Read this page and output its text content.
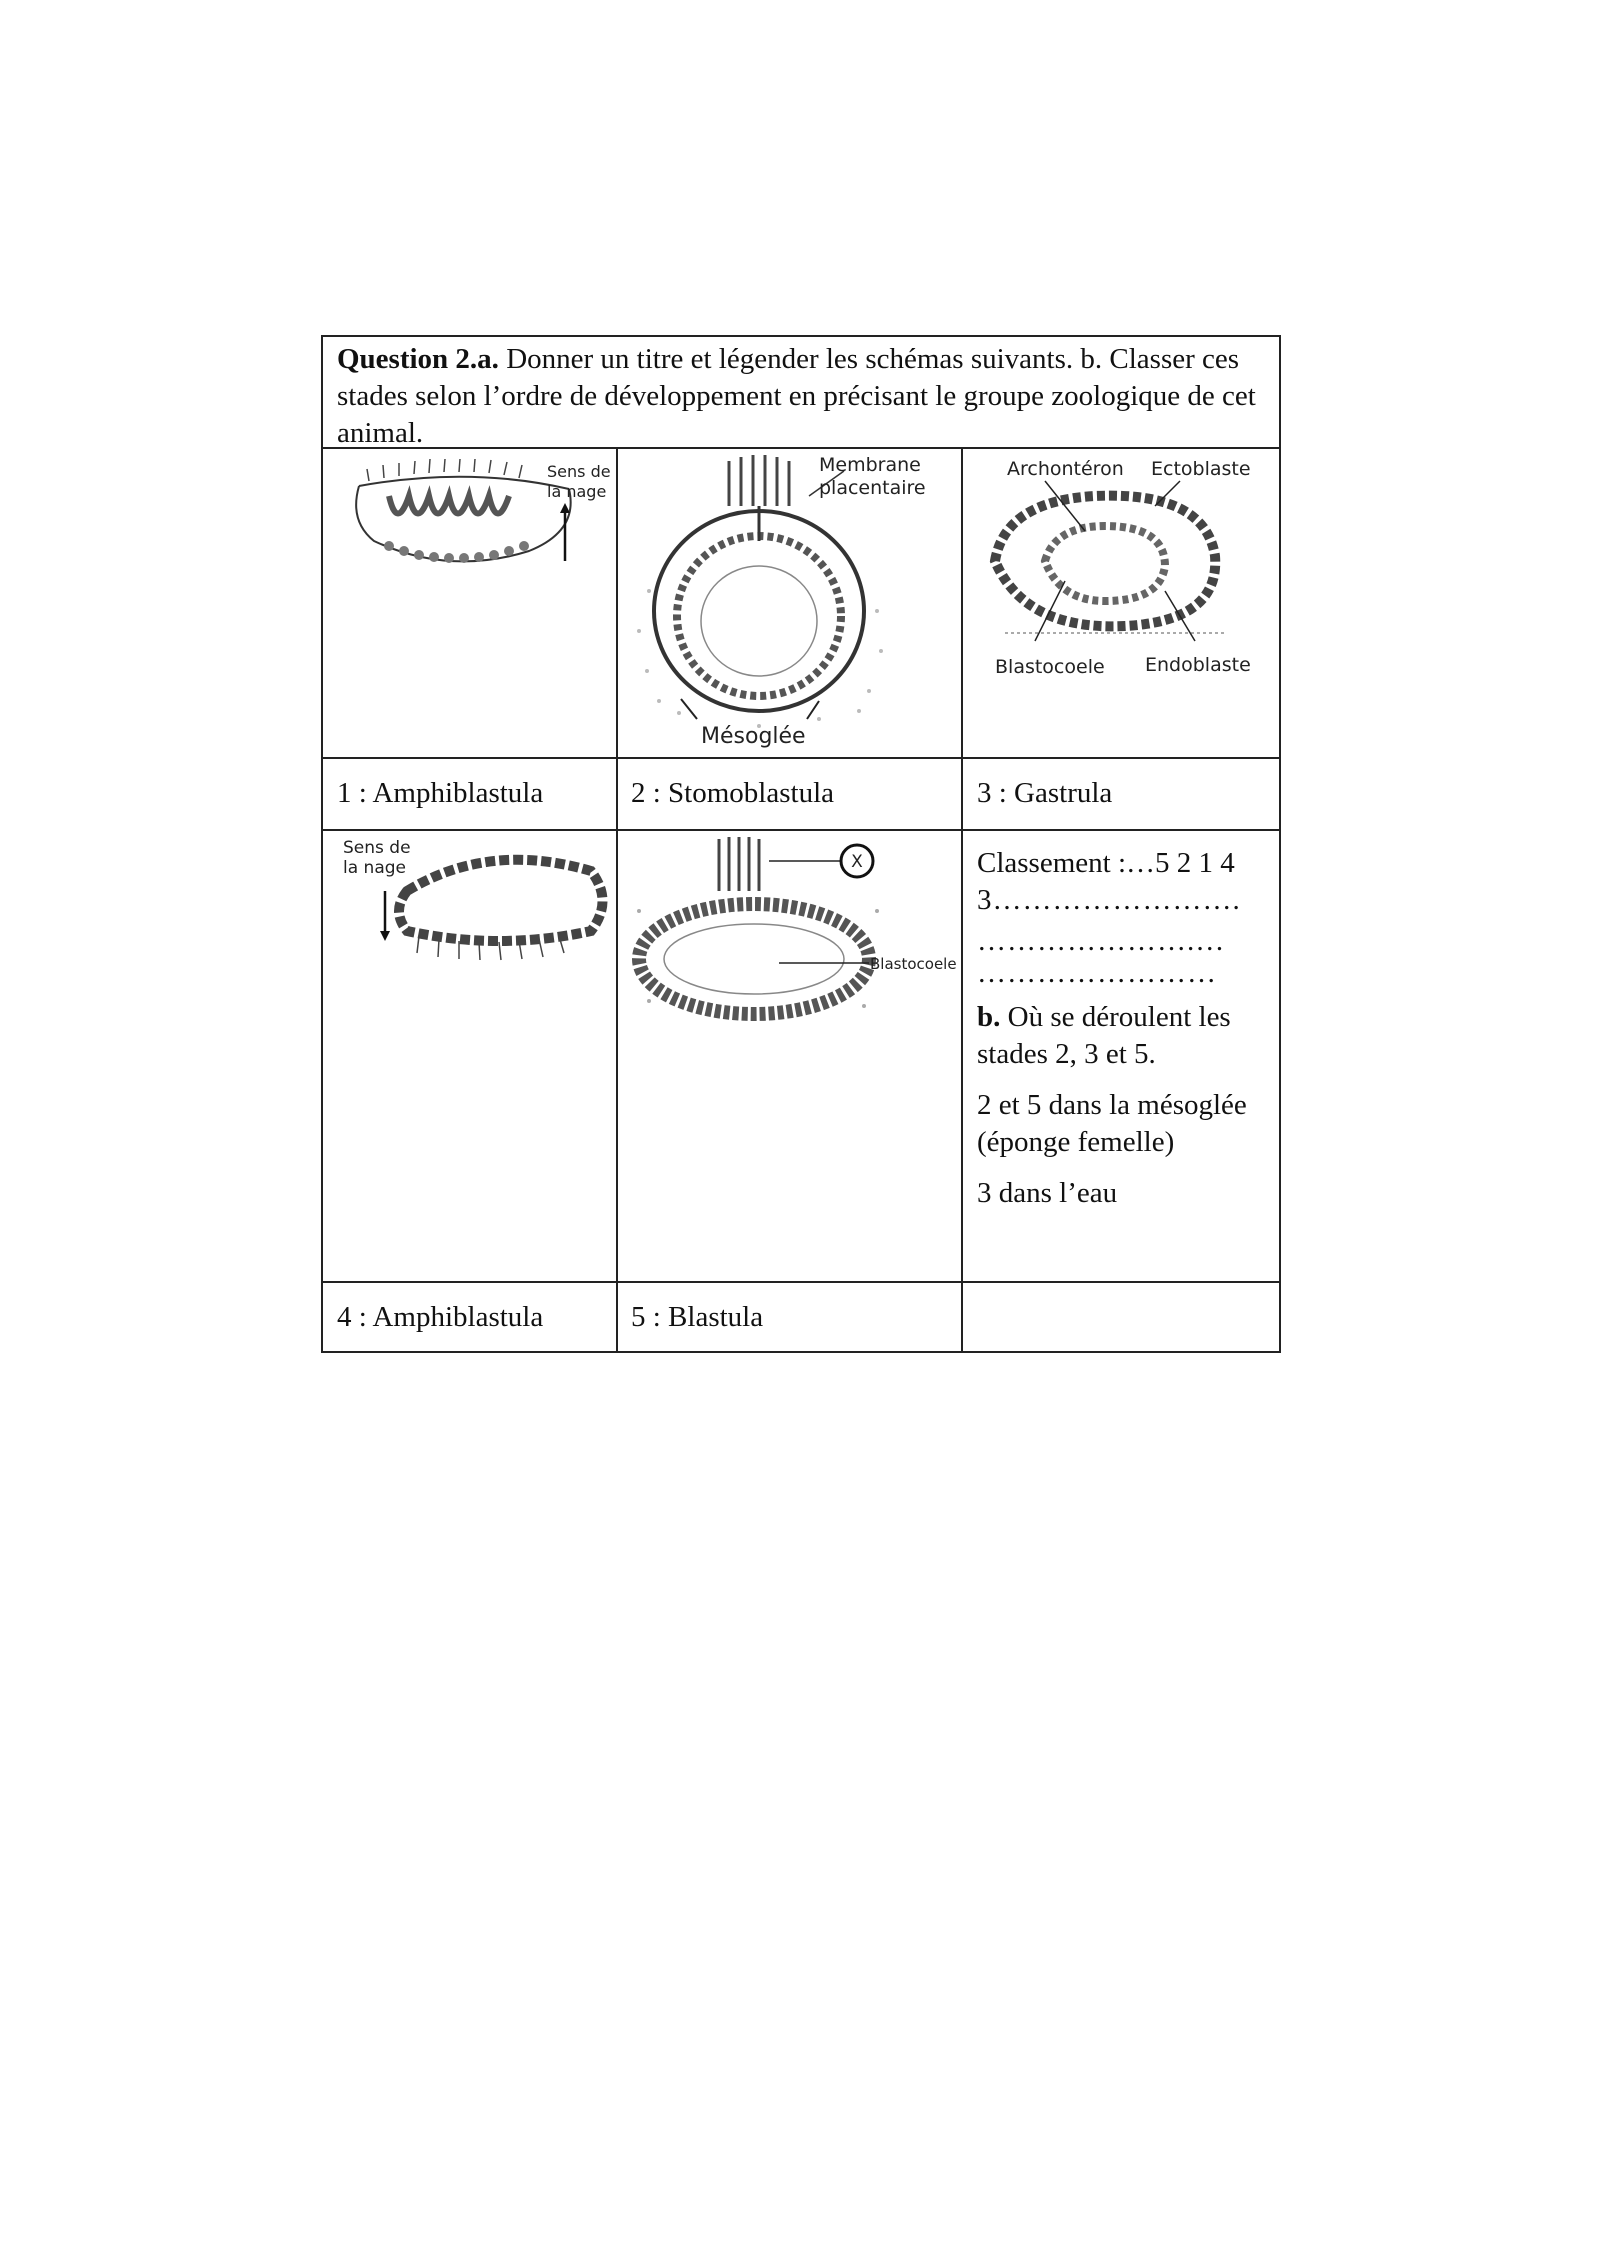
Question 2.a. Donner un titre et légender les schémas suivants. b. Classer ces stades selon l’ordre de développement en précisant le groupe zoologique de cet animal.
Sens de
la nage
Membrane
placentaire
Mésoglée
Archontéron Ectoblaste
Blastocoele Endoblaste
1 : Amphiblastula	2 : Stomoblastula	3 : Gastrula
Sens de
la nage	X
Blastocoele
Classement :…5 2 1 4
3…………………….
………………….…
……………………
b. Où se déroulent les stades 2, 3 et 5.
2 et 5 dans la mésoglée (éponge femelle)
3 dans l’eau
4 : Amphiblastula	5 : Blastula
